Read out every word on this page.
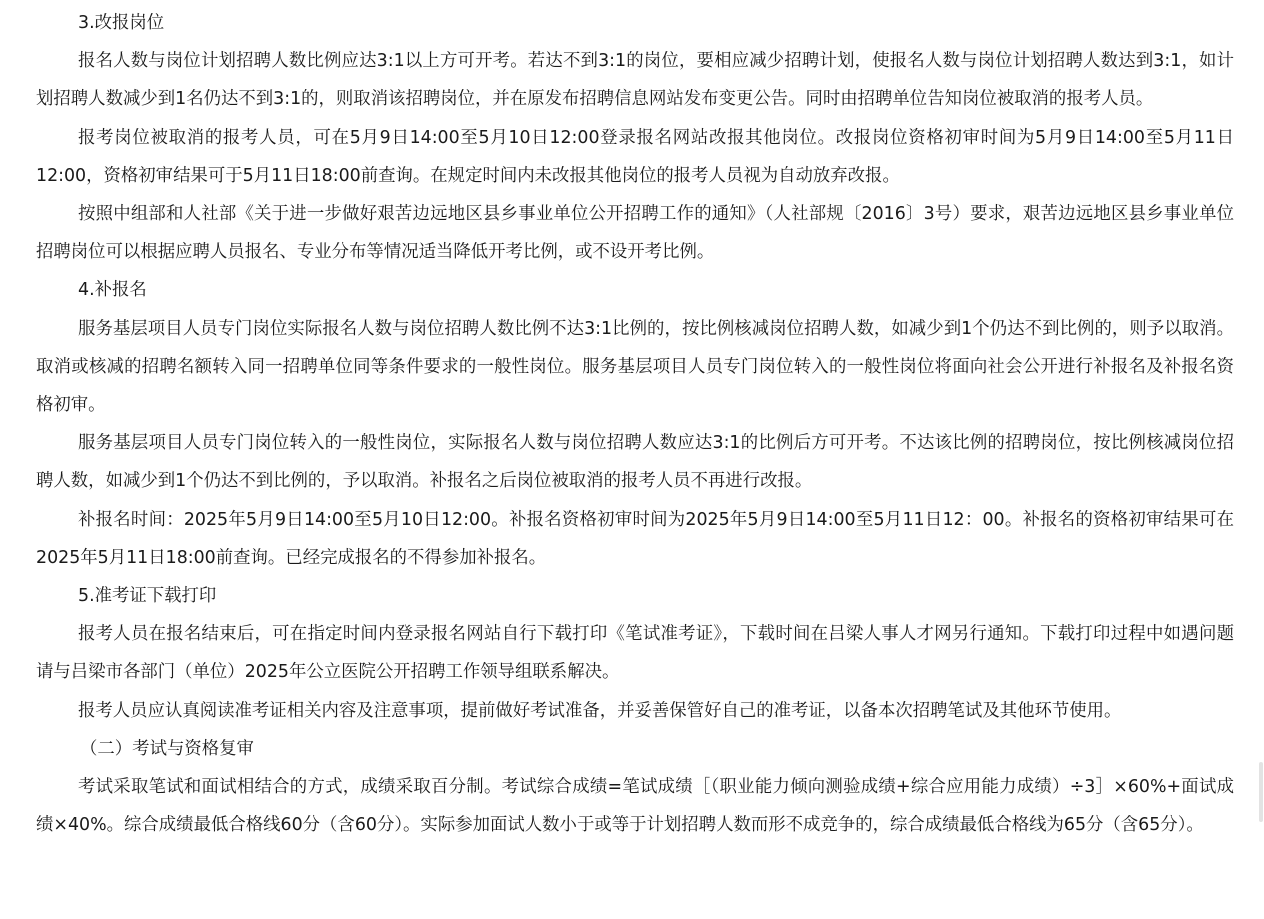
3.改报岗位

报名人数与岗位计划招聘人数比例应达3:1以上方可开考。若达不到3:1的岗位，要相应减少招聘计划，使报名人数与岗位计划招聘人数达到3:1，如计划招聘人数减少到1名仍达不到3:1的，则取消该招聘岗位，并在原发布招聘信息网站发布变更公告。同时由招聘单位告知岗位被取消的报考人员。

报考岗位被取消的报考人员，可在5月9日14:00至5月10日12:00登录报名网站改报其他岗位。改报岗位资格初审时间为5月9日14:00至5月11日12:00，资格初审结果可于5月11日18:00前查询。在规定时间内未改报其他岗位的报考人员视为自动放弃改报。

按照中组部和人社部《关于进一步做好艰苦边远地区县乡事业单位公开招聘工作的通知》（人社部规〔2016〕3号）要求，艰苦边远地区县乡事业单位招聘岗位可以根据应聘人员报名、专业分布等情况适当降低开考比例，或不设开考比例。

4.补报名

服务基层项目人员专门岗位实际报名人数与岗位招聘人数比例不达3:1比例的，按比例核减岗位招聘人数，如减少到1个仍达不到比例的，则予以取消。取消或核减的招聘名额转入同一招聘单位同等条件要求的一般性岗位。服务基层项目人员专门岗位转入的一般性岗位将面向社会公开进行补报名及补报名资格初审。

服务基层项目人员专门岗位转入的一般性岗位，实际报名人数与岗位招聘人数应达3:1的比例后方可开考。不达该比例的招聘岗位，按比例核减岗位招聘人数，如减少到1个仍达不到比例的，予以取消。补报名之后岗位被取消的报考人员不再进行改报。

补报名时间：2025年5月9日14:00至5月10日12:00。补报名资格初审时间为2025年5月9日14:00至5月11日12：00。补报名的资格初审结果可在2025年5月11日18:00前查询。已经完成报名的不得参加补报名。

5.准考证下载打印

报考人员在报名结束后，可在指定时间内登录报名网站自行下载打印《笔试准考证》，下载时间在吕梁人事人才网另行通知。下载打印过程中如遇问题请与吕梁市各部门（单位）2025年公立医院公开招聘工作领导组联系解决。

报考人员应认真阅读准考证相关内容及注意事项，提前做好考试准备，并妥善保管好自己的准考证，以备本次招聘笔试及其他环节使用。

（二）考试与资格复审

考试采取笔试和面试相结合的方式，成绩采取百分制。考试综合成绩=笔试成绩［（职业能力倾向测验成绩+综合应用能力成绩）÷3］×60%+面试成绩×40%。综合成绩最低合格线60分（含60分）。实际参加面试人数小于或等于计划招聘人数而形不成竞争的，综合成绩最低合格线为65分（含65分）。
